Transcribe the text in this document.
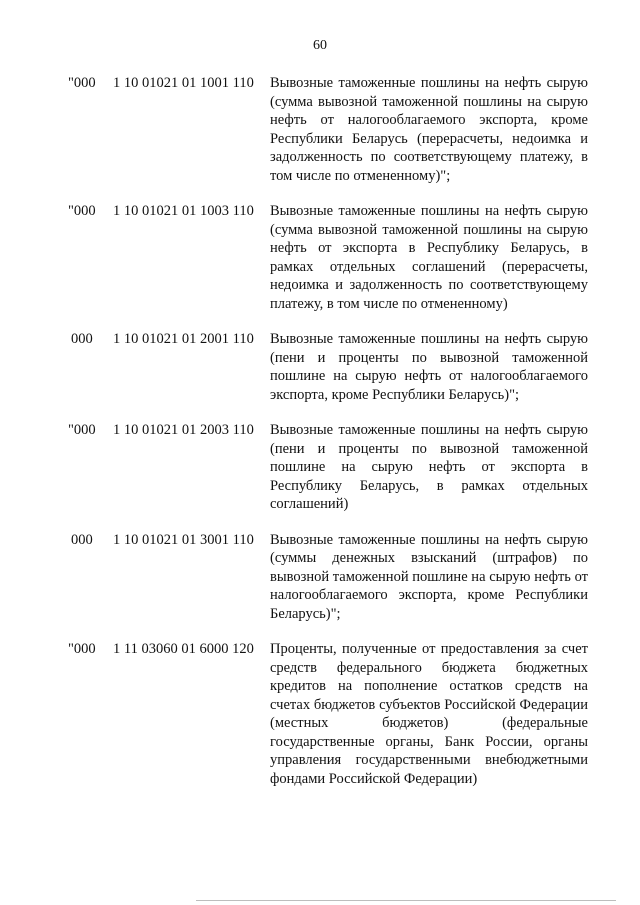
60
"000	1 10 01021 01 1001 110	Вывозные таможенные пошлины на нефть сырую (сумма вывозной таможенной пошлины на сырую нефть от налогооблагаемого экспорта, кроме Республики Беларусь (перерасчеты, недоимка и задолженность по соответствующему платежу, в том числе по отмененному)";
"000	1 10 01021 01 1003 110	Вывозные таможенные пошлины на нефть сырую (сумма вывозной таможенной пошлины на сырую нефть от экспорта в Республику Беларусь, в рамках отдельных соглашений (перерасчеты, недоимка и задолженность по соответствующему платежу, в том числе по отмененному)
000	1 10 01021 01 2001 110	Вывозные таможенные пошлины на нефть сырую (пени и проценты по вывозной таможенной пошлине на сырую нефть от налогооблагаемого экспорта, кроме Республики Беларусь)";
"000	1 10 01021 01 2003 110	Вывозные таможенные пошлины на нефть сырую (пени и проценты по вывозной таможенной пошлине на сырую нефть от экспорта в Республику Беларусь, в рамках отдельных соглашений)
000	1 10 01021 01 3001 110	Вывозные таможенные пошлины на нефть сырую (суммы денежных взысканий (штрафов) по вывозной таможенной пошлине на сырую нефть от налогооблагаемого экспорта, кроме Республики Беларусь)";
"000	1 11 03060 01 6000 120	Проценты, полученные от предоставления за счет средств федерального бюджета бюджетных кредитов на пополнение остатков средств на счетах бюджетов субъектов Российской Федерации (местных бюджетов) (федеральные государственные органы, Банк России, органы управления государственными внебюджетными фондами Российской Федерации)
